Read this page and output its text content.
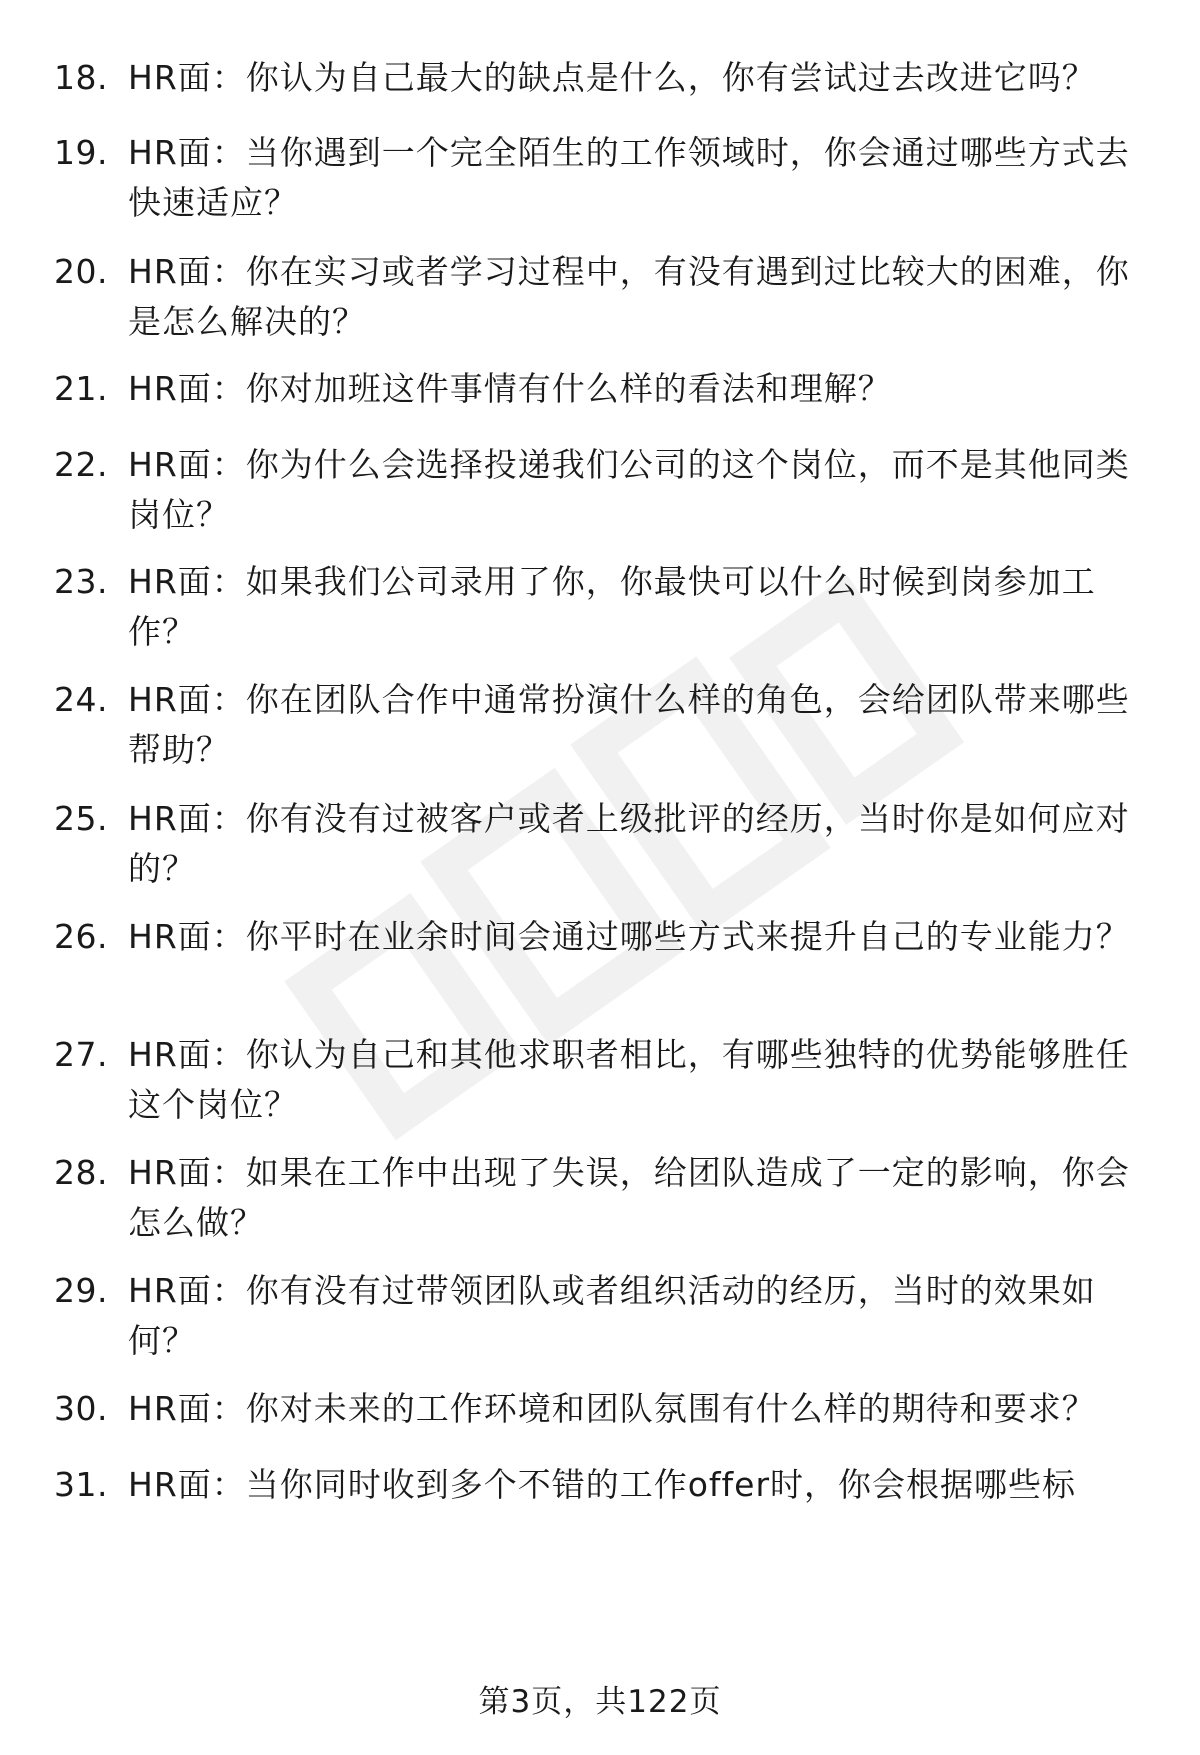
18. HR面：你认为自己最大的缺点是什么，你有尝试过去改进它吗？
19. HR面：当你遇到一个完全陌生的工作领域时，你会通过哪些方式去快速适应？
20. HR面：你在实习或者学习过程中，有没有遇到过比较大的困难，你是怎么解决的？
21. HR面：你对加班这件事情有什么样的看法和理解？
22. HR面：你为什么会选择投递我们公司的这个岗位，而不是其他同类岗位？
23. HR面：如果我们公司录用了你，你最快可以什么时候到岗参加工作？
24. HR面：你在团队合作中通常扮演什么样的角色，会给团队带来哪些帮助？
25. HR面：你有没有过被客户或者上级批评的经历，当时你是如何应对的？
26. HR面：你平时在业余时间会通过哪些方式来提升自己的专业能力？
27. HR面：你认为自己和其他求职者相比，有哪些独特的优势能够胜任这个岗位？
28. HR面：如果在工作中出现了失误，给团队造成了一定的影响，你会怎么做？
29. HR面：你有没有过带领团队或者组织活动的经历，当时的效果如何？
30. HR面：你对未来的工作环境和团队氛围有什么样的期待和要求？
31. HR面：当你同时收到多个不错的工作offer时，你会根据哪些标
第3页，共122页
